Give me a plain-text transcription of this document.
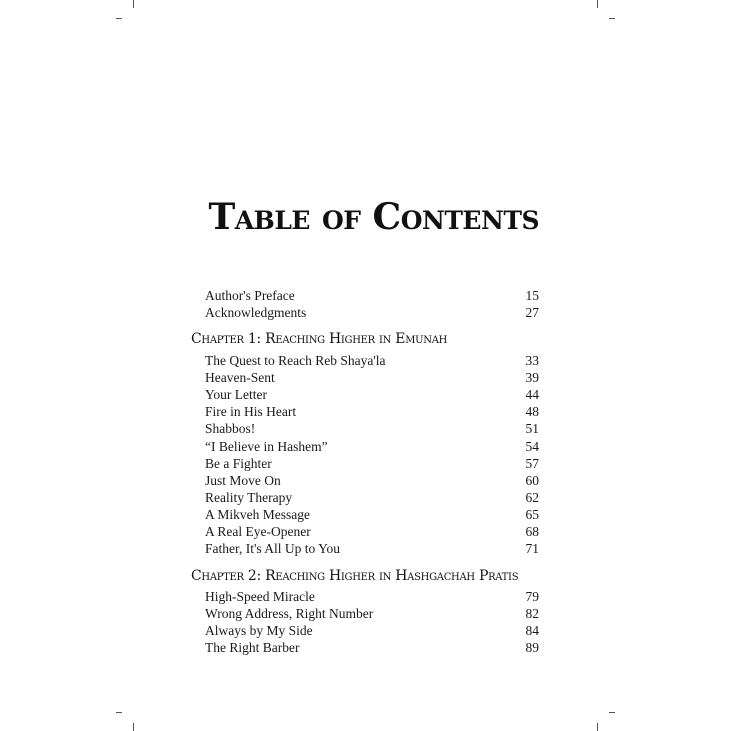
Table of Contents
Author's Preface	15
Acknowledgments	27
Chapter 1: Reaching Higher in Emunah
The Quest to Reach Reb Shaya'la	33
Heaven-Sent	39
Your Letter	44
Fire in His Heart	48
Shabbos!	51
“I Believe in Hashem”	54
Be a Fighter	57
Just Move On	60
Reality Therapy	62
A Mikveh Message	65
A Real Eye-Opener	68
Father, It's All Up to You	71
Chapter 2: Reaching Higher in Hashgachah Pratis
High-Speed Miracle	79
Wrong Address, Right Number	82
Always by My Side	84
The Right Barber	89
